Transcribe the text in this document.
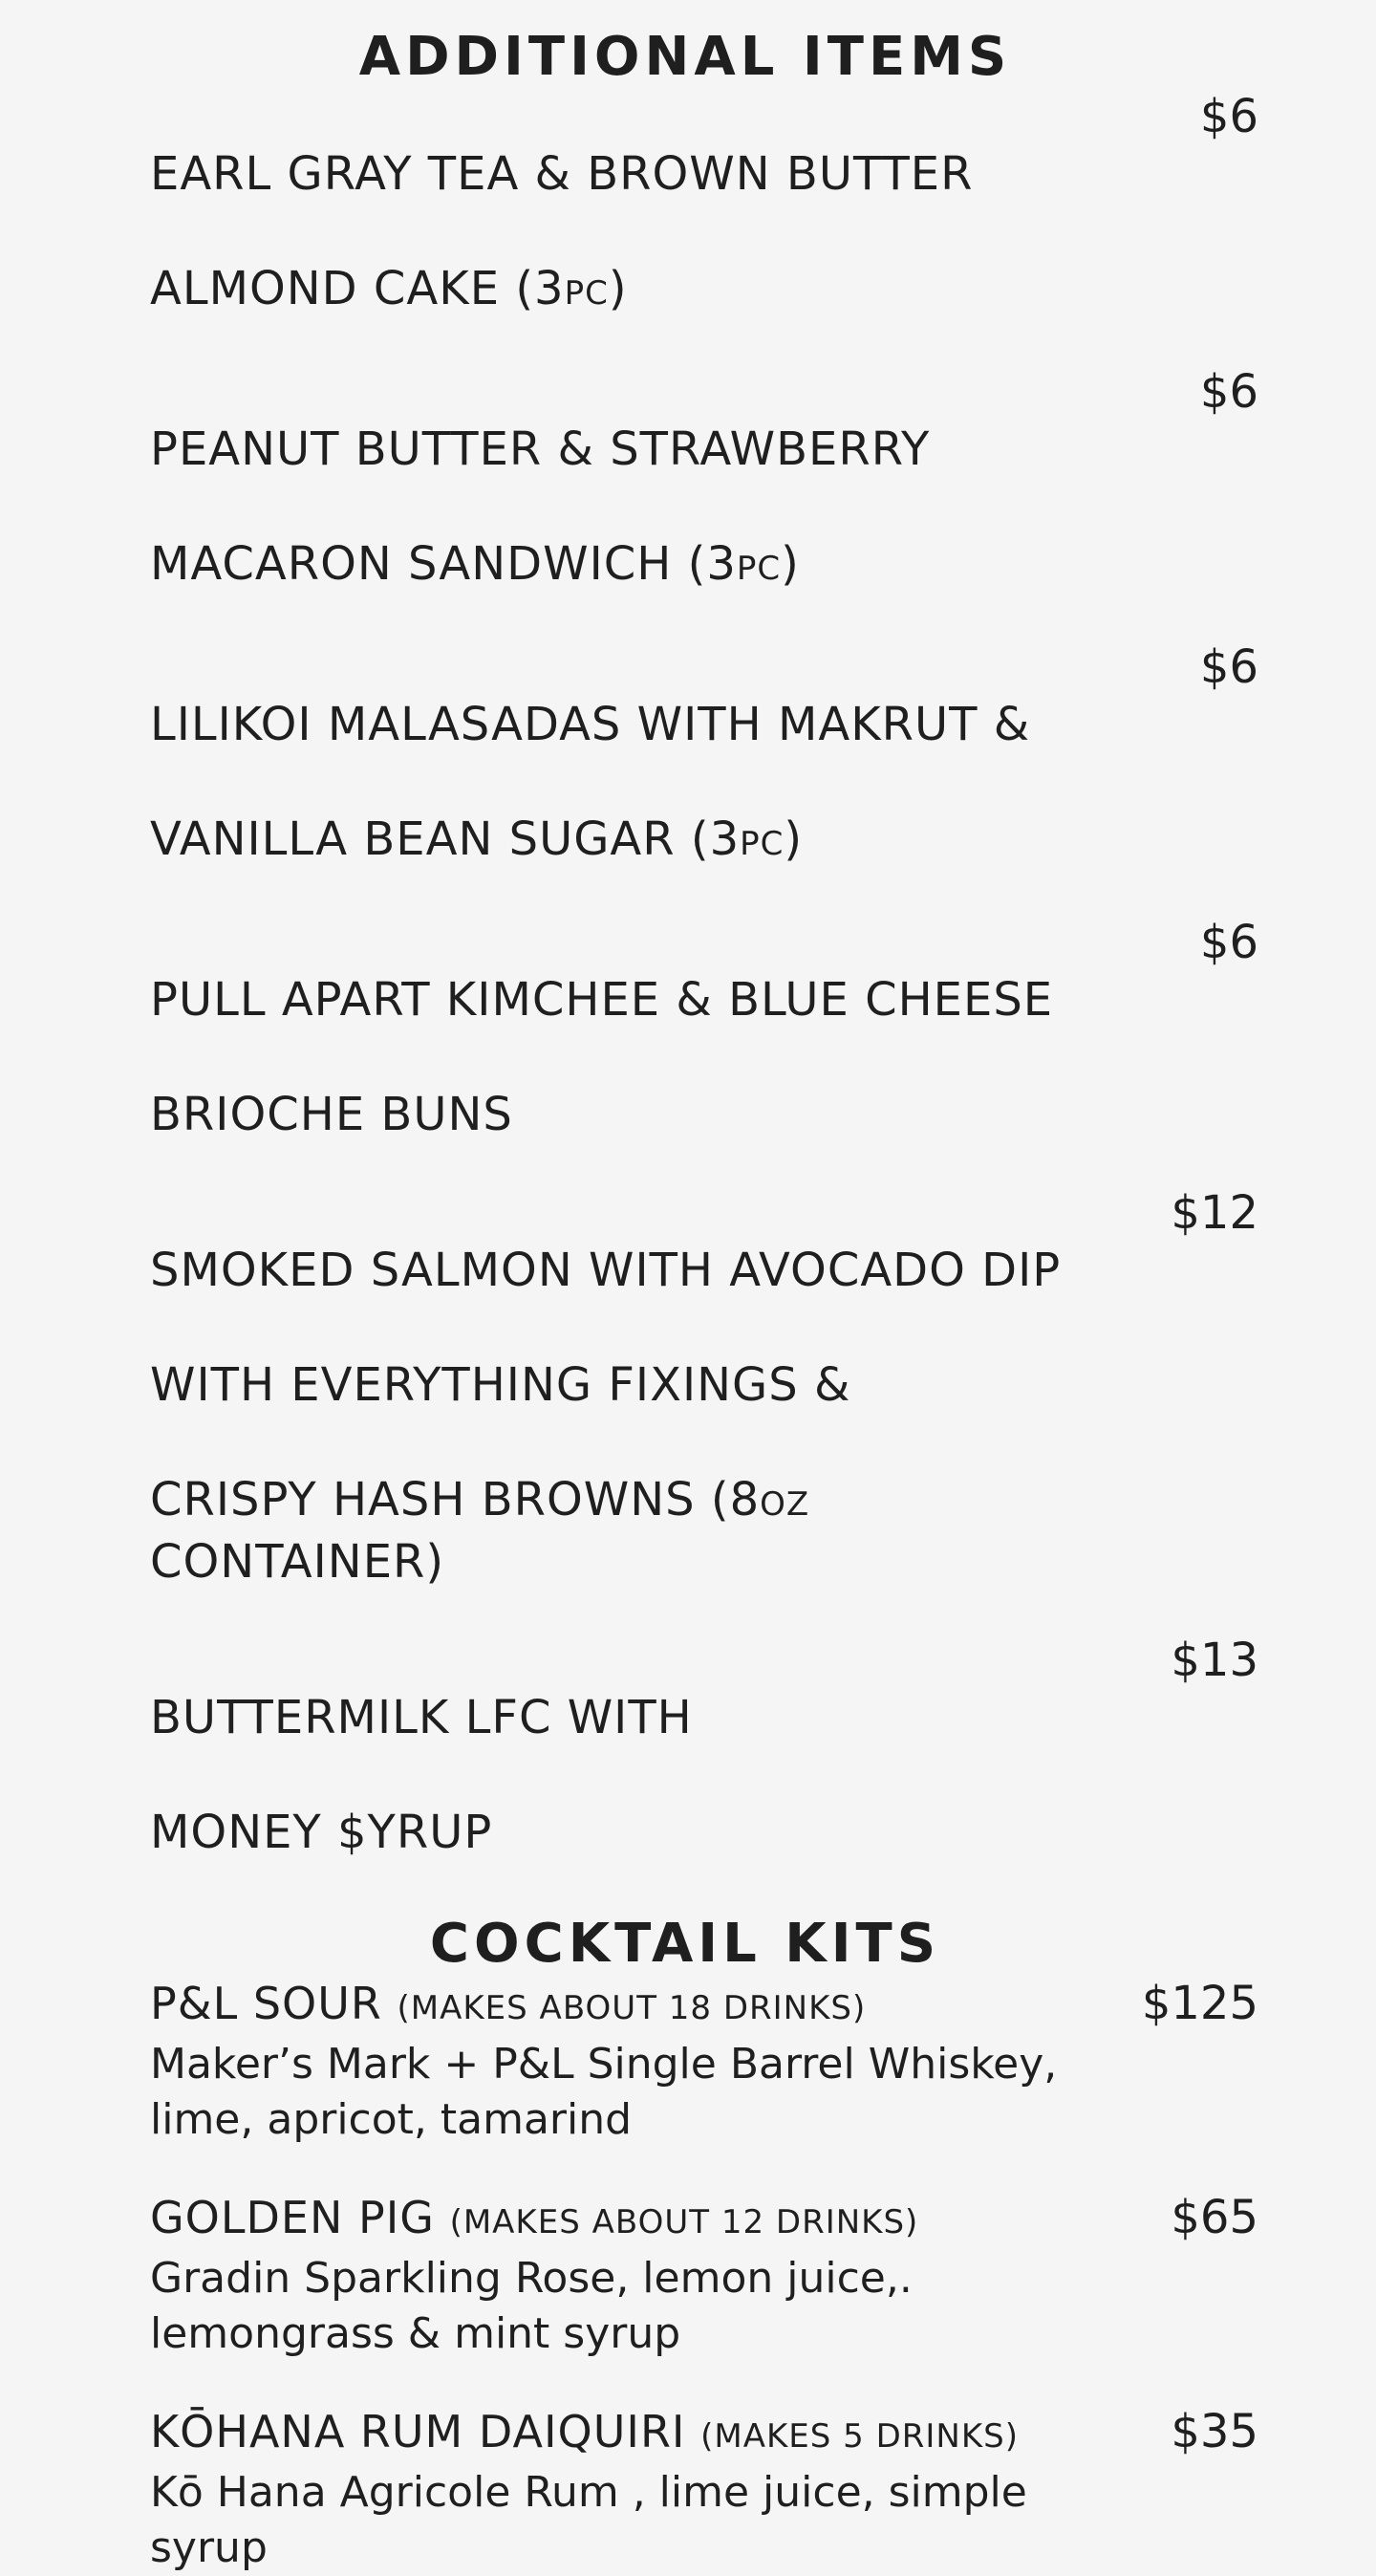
ADDITIONAL ITEMS

EARL GRAY TEA & BROWN BUTTER

ALMOND CAKE (3PC)

$6

PEANUT BUTTER & STRAWBERRY

MACARON SANDWICH (3PC)

$6

LILIKOI MALASADAS WITH MAKRUT &

VANILLA BEAN SUGAR (3PC)

$6

PULL APART KIMCHEE & BLUE CHEESE

BRIOCHE BUNS

$6

SMOKED SALMON WITH AVOCADO DIP

WITH EVERYTHING FIXINGS &

CRISPY HASH BROWNS (8OZ CONTAINER)

$12

BUTTERMILK LFC WITH

MONEY $YRUP

$13
COCKTAIL KITS
P&L SOUR (MAKES ABOUT 18 DRINKS)
Maker’s Mark + P&L Single Barrel Whiskey, lime, apricot, tamarind
$125
GOLDEN PIG (MAKES ABOUT 12 DRINKS)
Gradin Sparkling Rose, lemon juice,. lemongrass & mint syrup
$65
KŌHANA RUM DAIQUIRI (MAKES 5 DRINKS)
Kō Hana Agricole Rum , lime juice, simple syrup
$35
